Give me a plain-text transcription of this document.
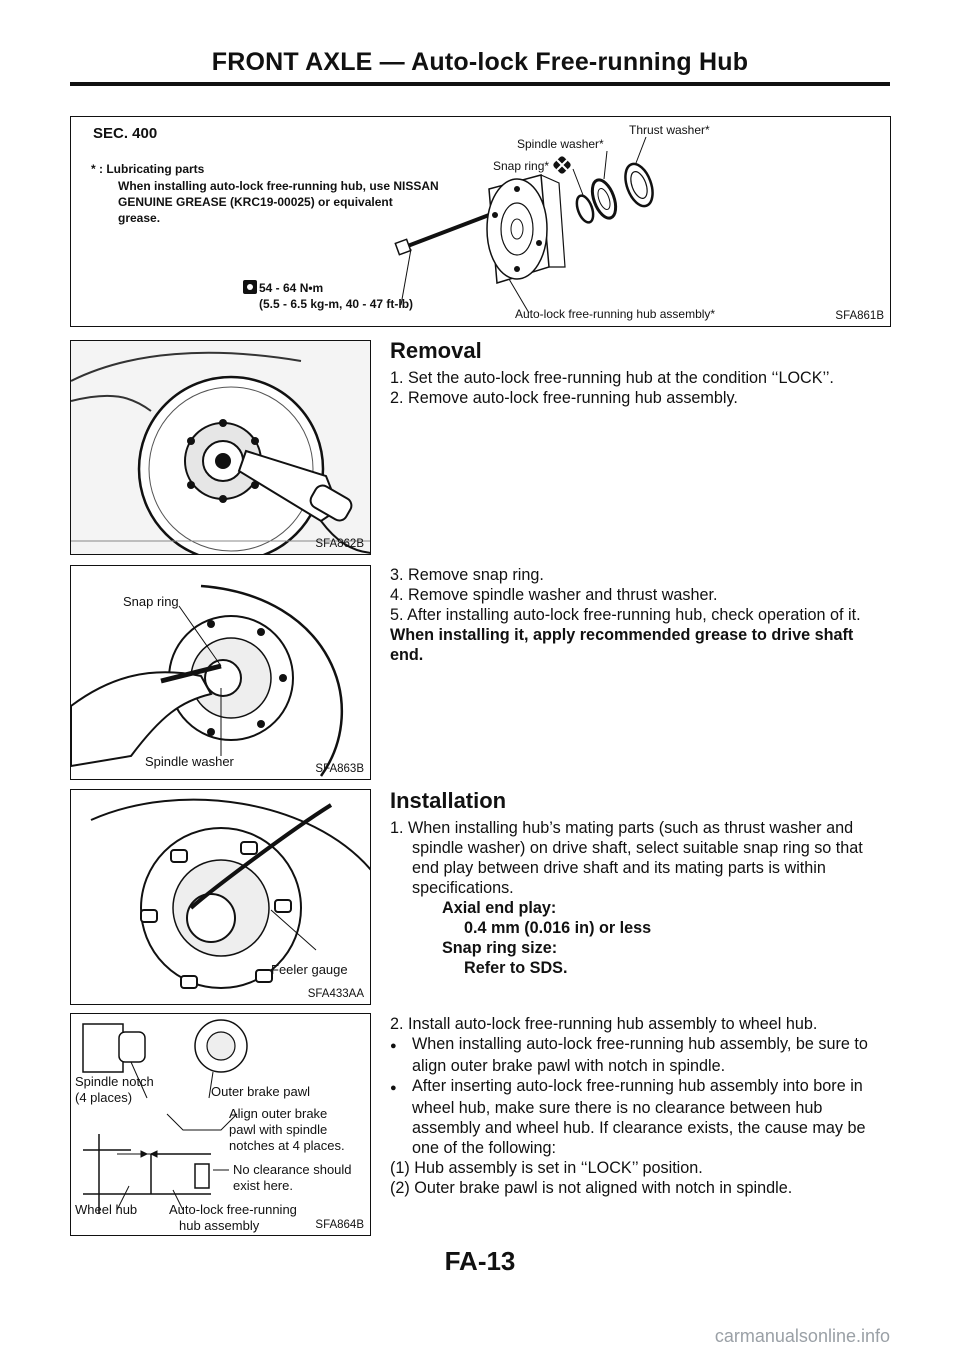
FRONT AXLE — Auto-lock Free-running Hub
SEC. 400
* : Lubricating parts
When installing auto-lock free-running hub, use NISSAN
GENUINE GREASE (KRC19-00025) or equivalent
grease.
54 - 64 N•m
(5.5 - 6.5 kg-m, 40 - 47 ft-lb)
Thrust washer*
Spindle washer*
Snap ring*
Auto-lock free-running hub assembly*	SFA861B
SFA862B
Snap ring
Spindle washer	SFA863B
Feeler gauge
SFA433AA
Spindle notch
(4 places)	Outer brake pawl
Align outer brake
pawl with spindle
notches at 4 places.
No clearance should
exist here.
Wheel hub Auto-lock free-running
hub assembly	SFA864B
Removal

1. Set the auto-lock free-running hub at the condition ‘‘LOCK’’.

2. Remove auto-lock free-running hub assembly.

3. Remove snap ring.

4. Remove spindle washer and thrust washer.

5. After installing auto-lock free-running hub, check operation of it.

When installing it, apply recommended grease to drive shaft end.

Installation

1. When installing hub’s mating parts (such as thrust washer and spindle washer) on drive shaft, select suitable snap ring so that end play between drive shaft and its mating parts is within specifications.

Axial end play:

0.4 mm (0.016 in) or less

Snap ring size:

Refer to SDS.

2. Install auto-lock free-running hub assembly to wheel hub.

● When installing auto-lock free-running hub assembly, be sure to align outer brake pawl with notch in spindle.

● After inserting auto-lock free-running hub assembly into bore in wheel hub, make sure there is no clearance between hub assembly and wheel hub. If clearance exists, the cause may be one of the following:

(1) Hub assembly is set in ‘‘LOCK’’ position.

(2) Outer brake pawl is not aligned with notch in spindle.

FA-13
carmanualsonline.info
